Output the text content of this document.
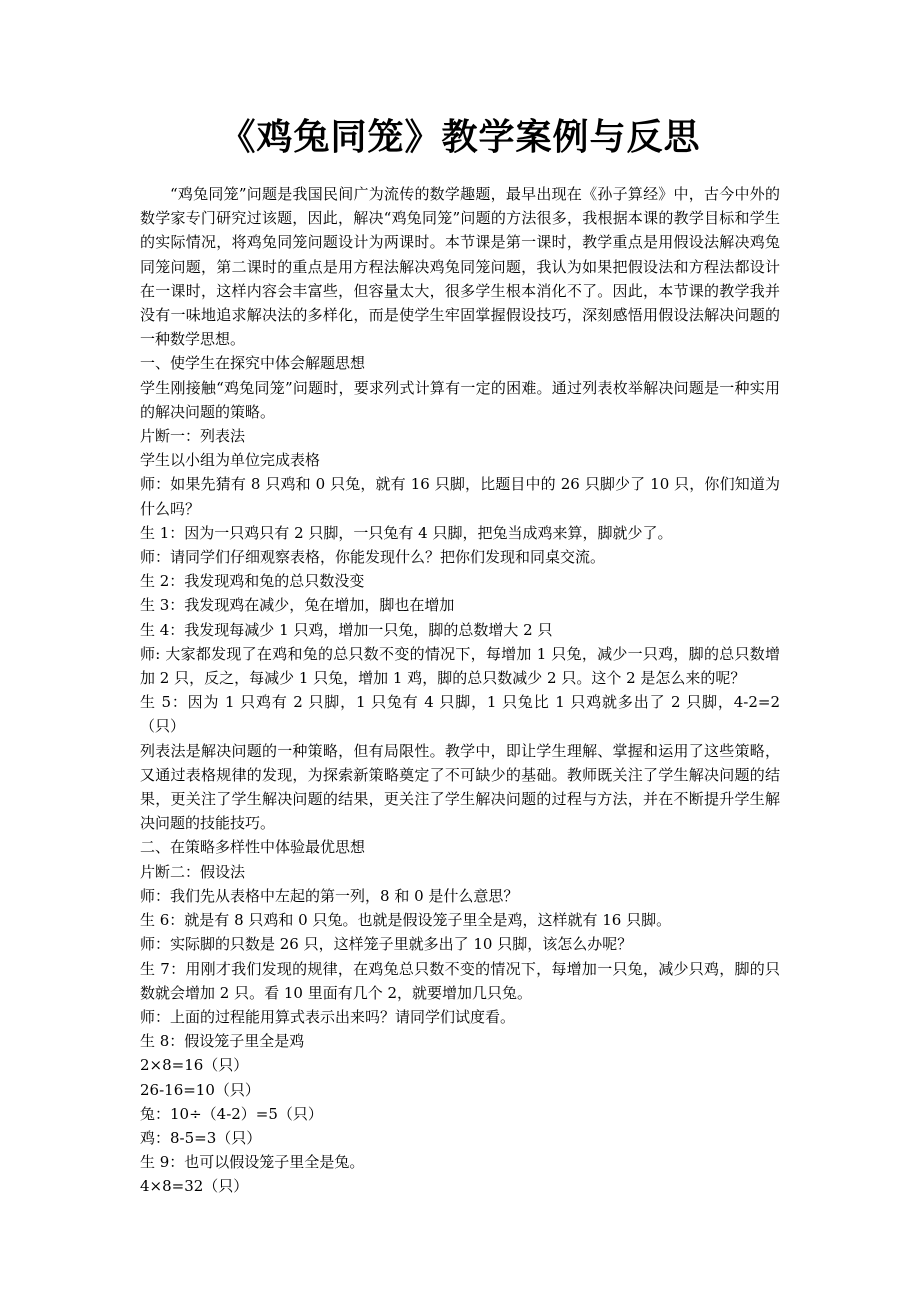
om.cn
《鸡兔同笼》教学案例与反思

“鸡兔同笼”问题是我国民间广为流传的数学趣题，最早出现在《孙子算经》中，古今中外的数学家专门研究过该题，因此，解决“鸡兔同笼”问题的方法很多，我根据本课的教学目标和学生的实际情况，将鸡兔同笼问题设计为两课时。本节课是第一课时，教学重点是用假设法解决鸡兔同笼问题，第二课时的重点是用方程法解决鸡兔同笼问题，我认为如果把假设法和方程法都设计在一课时，这样内容会丰富些，但容量太大，很多学生根本消化不了。因此，本节课的教学我并没有一味地追求解决法的多样化，而是使学生牢固掌握假设技巧，深刻感悟用假设法解决问题的一种数学思想。

一、使学生在探究中体会解题思想

学生刚接触“鸡兔同笼”问题时，要求列式计算有一定的困难。通过列表枚举解决问题是一种实用的解决问题的策略。

片断一：列表法

学生以小组为单位完成表格

师：如果先猜有 8 只鸡和 0 只兔，就有 16 只脚，比题目中的 26 只脚少了 10 只，你们知道为什么吗？

生 1：因为一只鸡只有 2 只脚，一只兔有 4 只脚，把兔当成鸡来算，脚就少了。

师：请同学们仔细观察表格，你能发现什么？把你们发现和同桌交流。

生 2：我发现鸡和兔的总只数没变

生 3：我发现鸡在减少，兔在增加，脚也在增加

生 4：我发现每减少 1 只鸡，增加一只兔，脚的总数增大 2 只

师: 大家都发现了在鸡和兔的总只数不变的情况下，每增加 1 只兔，减少一只鸡，脚的总只数增加 2 只，反之，每减少 1 只兔，增加 1 鸡，脚的总只数减少 2 只。这个 2 是怎么来的呢？

生 5：因为 1 只鸡有 2 只脚，1 只兔有 4 只脚，1 只兔比 1 只鸡就多出了 2 只脚，4-2=2（只）

列表法是解决问题的一种策略，但有局限性。教学中，即让学生理解、掌握和运用了这些策略，又通过表格规律的发现，为探索新策略奠定了不可缺少的基础。教师既关注了学生解决问题的结果，更关注了学生解决问题的结果，更关注了学生解决问题的过程与方法，并在不断提升学生解决问题的技能技巧。

二、在策略多样性中体验最优思想

片断二：假设法

师：我们先从表格中左起的第一列，8 和 0 是什么意思？

生 6：就是有 8 只鸡和 0 只兔。也就是假设笼子里全是鸡，这样就有 16 只脚。

师：实际脚的只数是 26 只，这样笼子里就多出了 10 只脚，该怎么办呢？

生 7：用刚才我们发现的规律，在鸡兔总只数不变的情况下，每增加一只兔，减少只鸡，脚的只数就会增加 2 只。看 10 里面有几个 2，就要增加几只兔。

师：上面的过程能用算式表示出来吗？请同学们试度看。

生 8：假设笼子里全是鸡

2×8=16（只）

26-16=10（只）

兔：10÷（4-2）=5（只）

鸡：8-5=3（只）

生 9：也可以假设笼子里全是兔。

4×8=32（只）
